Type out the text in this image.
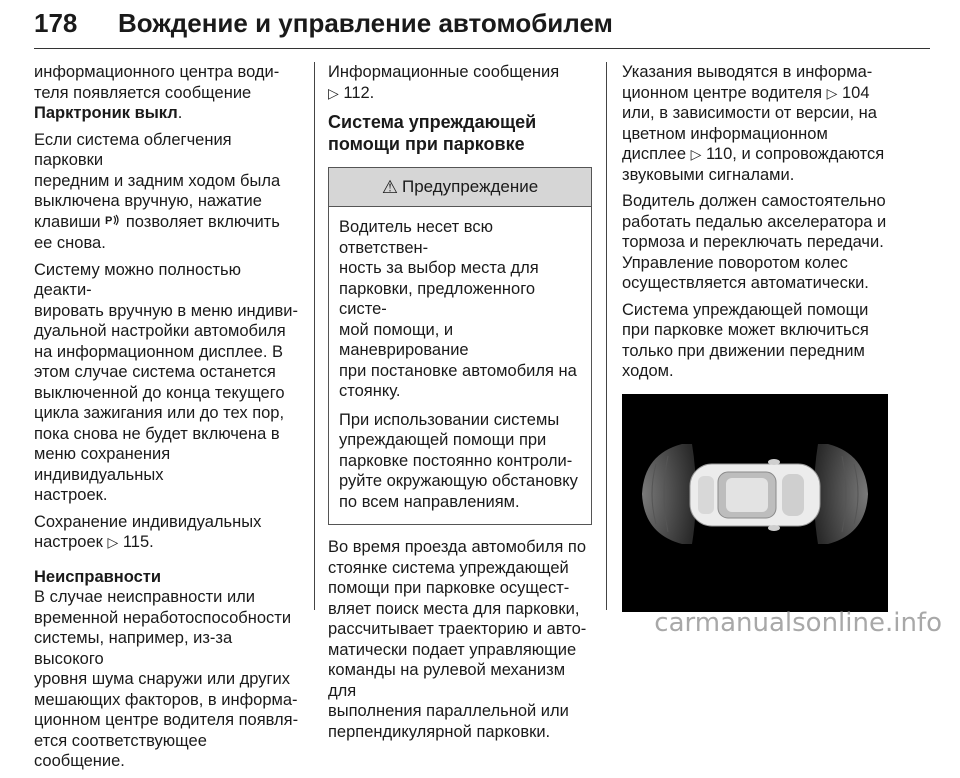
178 Вождение и управление автомобилем

информационного центра води-
теля появляется сообщение
Парктроник выкл.

Если система облегчения парковки
передним и задним ходом была
выключена вручную, нажатие
клавиши P позволяет включить
ее снова.

Систему можно полностью деакти-
вировать вручную в меню индиви-
дуальной настройки автомобиля
на информационном дисплее. В
этом случае система останется
выключенной до конца текущего
цикла зажигания или до тех пор,
пока снова не будет включена в
меню сохранения индивидуальных
настроек.

Сохранение индивидуальных
настроек ▷ 115.

Неисправности

В случае неисправности или
временной неработоспособности
системы, например, из-за высокого
уровня шума снаружи или других
мешающих факторов, в информа-
ционном центре водителя появля-
ется соответствующее сообщение.

Информационные сообщения
▷ 112.

Система упреждающей
помощи при парковке
⚠ Предупреждение

Водитель несет всю ответствен-
ность за выбор места для
парковки, предложенного систе-
мой помощи, и маневрирование
при постановке автомобиля на
стоянку.

При использовании системы
упреждающей помощи при
парковке постоянно контроли-
руйте окружающую обстановку
по всем направлениям.

Во время проезда автомобиля по
стоянке система упреждающей
помощи при парковке осущест-
вляет поиск места для парковки,
рассчитывает траекторию и авто-
матически подает управляющие
команды на рулевой механизм для
выполнения параллельной или
перпендикулярной парковки.

Указания выводятся в информа-
ционном центре водителя ▷ 104
или, в зависимости от версии, на
цветном информационном
дисплее ▷ 110, и сопровождаются
звуковыми сигналами.

Водитель должен самостоятельно
работать педалью акселератора и
тормоза и переключать передачи.
Управление поворотом колес
осуществляется автоматически.

Система упреждающей помощи
при парковке может включиться
только при движении передним
ходом.

carmanualsonline.info
